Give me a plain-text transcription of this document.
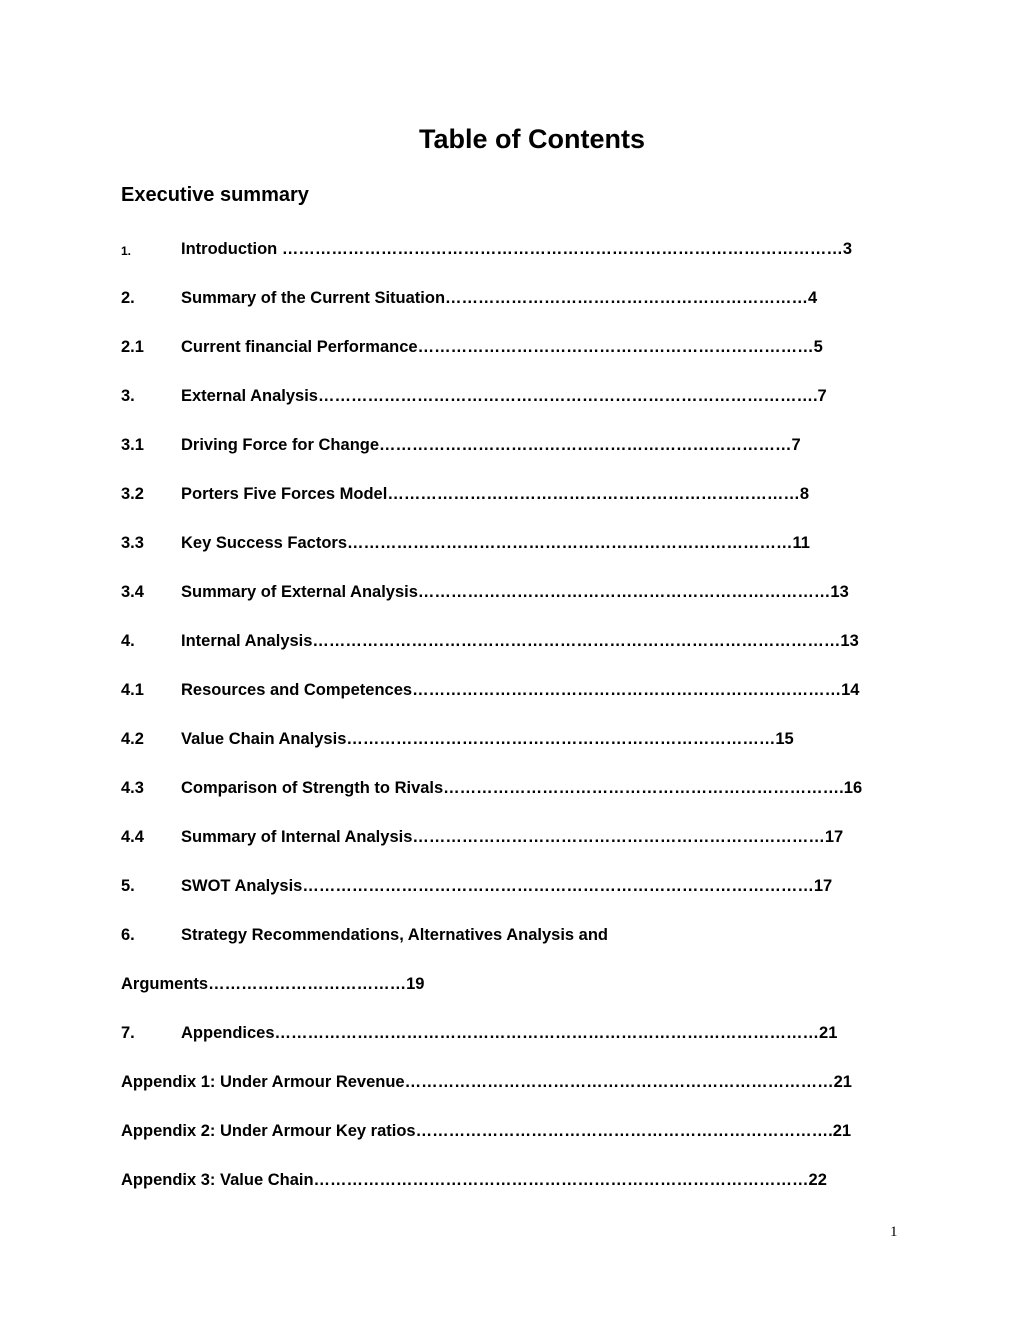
Table of Contents
Executive summary
1.	Introduction …………………………………………………………………………………………3
2.	Summary of the Current Situation…………………………………………………………4
2.1 Current financial Performance………………………………………………………………5
3.	External Analysis……………………………………………………………………………….7
3.1 Driving Force for Change…………………………………………………………………7
3.2 Porters Five Forces Model…………………………………………………………………8
3.3 Key Success Factors………………………………………………………………………11
3.4 Summary of External Analysis…………………………………………………………………13
4.	Internal Analysis……………………………………………………………………………………13
4.1 Resources and Competences……………………………………………………………………14
4.2 Value Chain Analysis……………………………………………………………………15
4.3 Comparison of Strength to Rivals……………………………………………………………….16
4.4 Summary of Internal Analysis…………………………………………………………………17
5.	SWOT Analysis…………………………………………………………………………………17
6.	Strategy Recommendations, Alternatives Analysis and
Arguments………………………………19
7.	Appendices………………………………………………………………………………………21
Appendix 1: Under Armour Revenue……………………………………………………………………21
Appendix 2: Under Armour Key ratios………………………………………………………………….21
Appendix 3: Value Chain………………………………………………………………………………22
1
